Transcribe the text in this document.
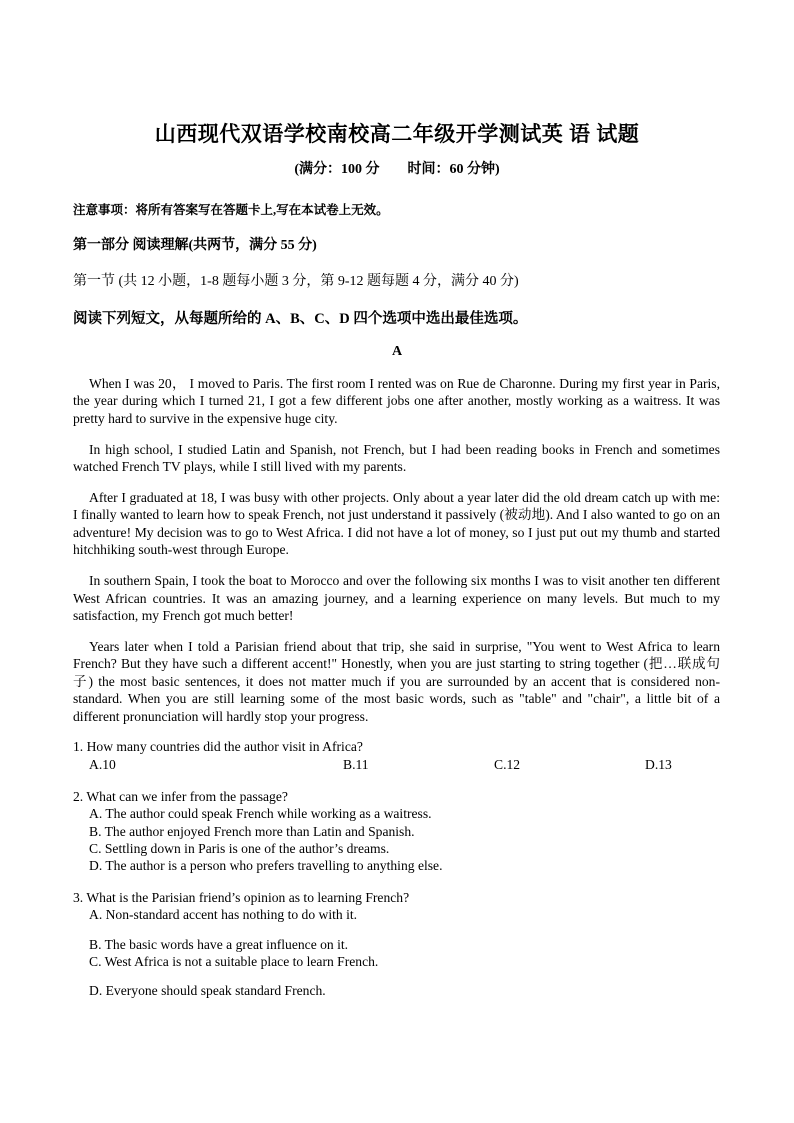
山西现代双语学校南校高二年级开学测试英 语 试题
(满分：100 分　　时间：60 分钟)
注意事项：将所有答案写在答题卡上,写在本试卷上无效。
第一部分 阅读理解(共两节，满分 55 分)
第一节 (共 12 小题，1-8 题每小题 3 分，第 9-12 题每题 4 分，满分 40 分)
阅读下列短文，从每题所给的 A、B、C、D 四个选项中选出最佳选项。
A

When I was 20， I moved to Paris. The first room I rented was on Rue de Charonne. During my first year in Paris, the year during which I turned 21, I got a few different jobs one after another, mostly working as a waitress. It was pretty hard to survive in the expensive huge city.

In high school, I studied Latin and Spanish, not French, but I had been reading books in French and sometimes watched French TV plays, while I still lived with my parents.

After I graduated at 18, I was busy with other projects. Only about a year later did the old dream catch up with me: I finally wanted to learn how to speak French, not just understand it passively (被动地). And I also wanted to go on an adventure! My decision was to go to West Africa. I did not have a lot of money, so I just put out my thumb and started hitchhiking south-west through Europe.

In southern Spain, I took the boat to Morocco and over the following six months I was to visit another ten different West African countries. It was an amazing journey, and a learning experience on many levels. But much to my satisfaction, my French got much better!

Years later when I told a Parisian friend about that trip, she said in surprise, "You went to West Africa to learn French? But they have such a different accent!" Honestly, when you are just starting to string together (把…联成句子) the most basic sentences, it does not matter much if you are surrounded by an accent that is considered non-standard. When you are still learning some of the most basic words, such as "table" and "chair", a little bit of a different pronunciation will hardly stop your progress.

1. How many countries did the author visit in Africa?

A.10	B.11	C.12	D.13

2. What can we infer from the passage?

A. The author could speak French while working as a waitress.

B. The author enjoyed French more than Latin and Spanish.

C. Settling down in Paris is one of the author’s dreams.

D. The author is a person who prefers travelling to anything else.

3. What is the Parisian friend’s opinion as to learning French?

A. Non-standard accent has nothing to do with it.

B. The basic words have a great influence on it.

C. West Africa is not a suitable place to learn French.

D. Everyone should speak standard French.
